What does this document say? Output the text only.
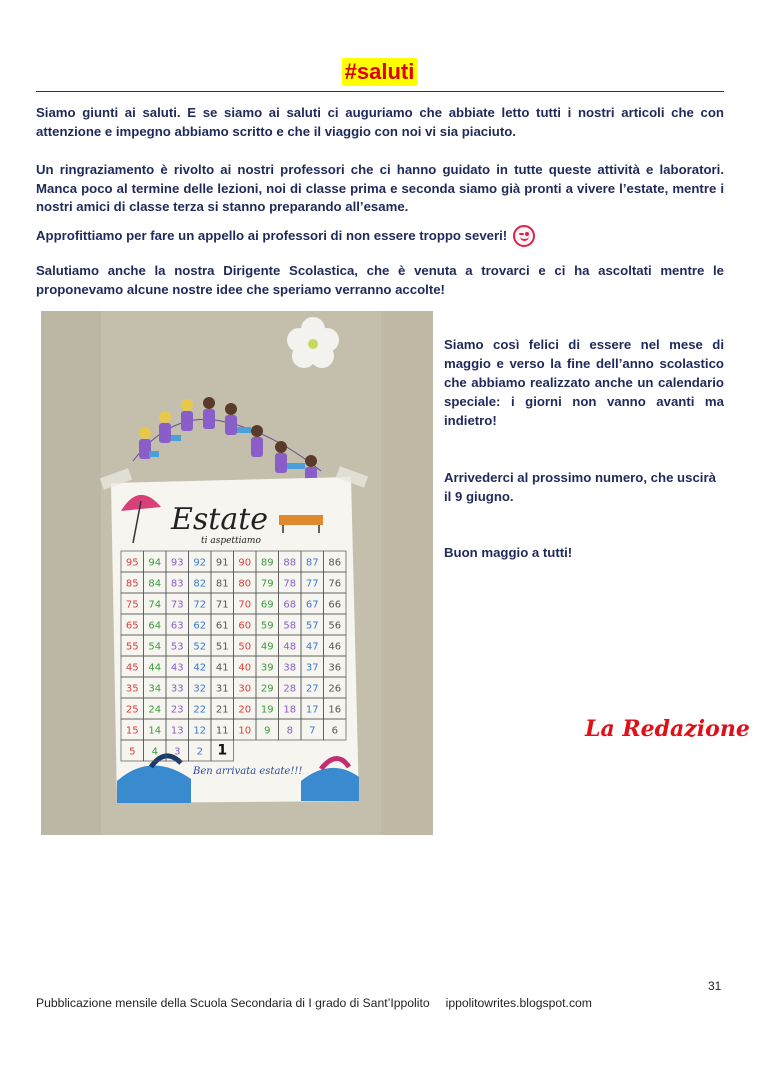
#saluti

Siamo giunti ai saluti. E se siamo ai saluti ci auguriamo che abbiate letto tutti i nostri articoli che con attenzione e impegno abbiamo scritto e che il viaggio con noi vi sia piaciuto.

Un ringraziamento è rivolto ai nostri professori che ci hanno guidato in tutte queste attività e laboratori. Manca poco al termine delle lezioni, noi di classe prima e seconda siamo già pronti a vivere l’estate, mentre i nostri amici di classe terza si stanno preparando all’esame.

Approfittiamo per fare un appello ai professori di non essere troppo severi!

Salutiamo anche la nostra Dirigente Scolastica, che è venuta a trovarci e ci ha ascoltati mentre le proponevamo alcune nostre idee che speriamo verranno accolte!

Estate
ti aspettiamo
95 94 93 92 91 90 89 88 87 86
85 84 83 82 81 80 79 78 77 76
75 74 73 72 71 70 69 68 67 66
65 64 63 62 61 60 59 58 57 56
55 54 53 52 51 50 49 48 47 46
45 44 43 42 41 40 39 38 37 36
35 34 33 32 31 30 29 28 27 26
25 24 23 22 21 20 19 18 17 16
15 14 13 12 11 10 9 8 7 6
5 4 3 2 1
Ben arrivata estate!!!

Siamo così felici di essere nel mese di maggio e verso la fine dell’anno scolastico che abbiamo realizzato anche un calendario speciale: i giorni non vanno avanti ma indietro!

Arrivederci al prossimo numero, che uscirà il 9 giugno.

Buon maggio a tutti!

La Redazione
31
Pubblicazione mensile della Scuola Secondaria di I grado di Sant’Ippolito ippolitowrites.blogspot.com
